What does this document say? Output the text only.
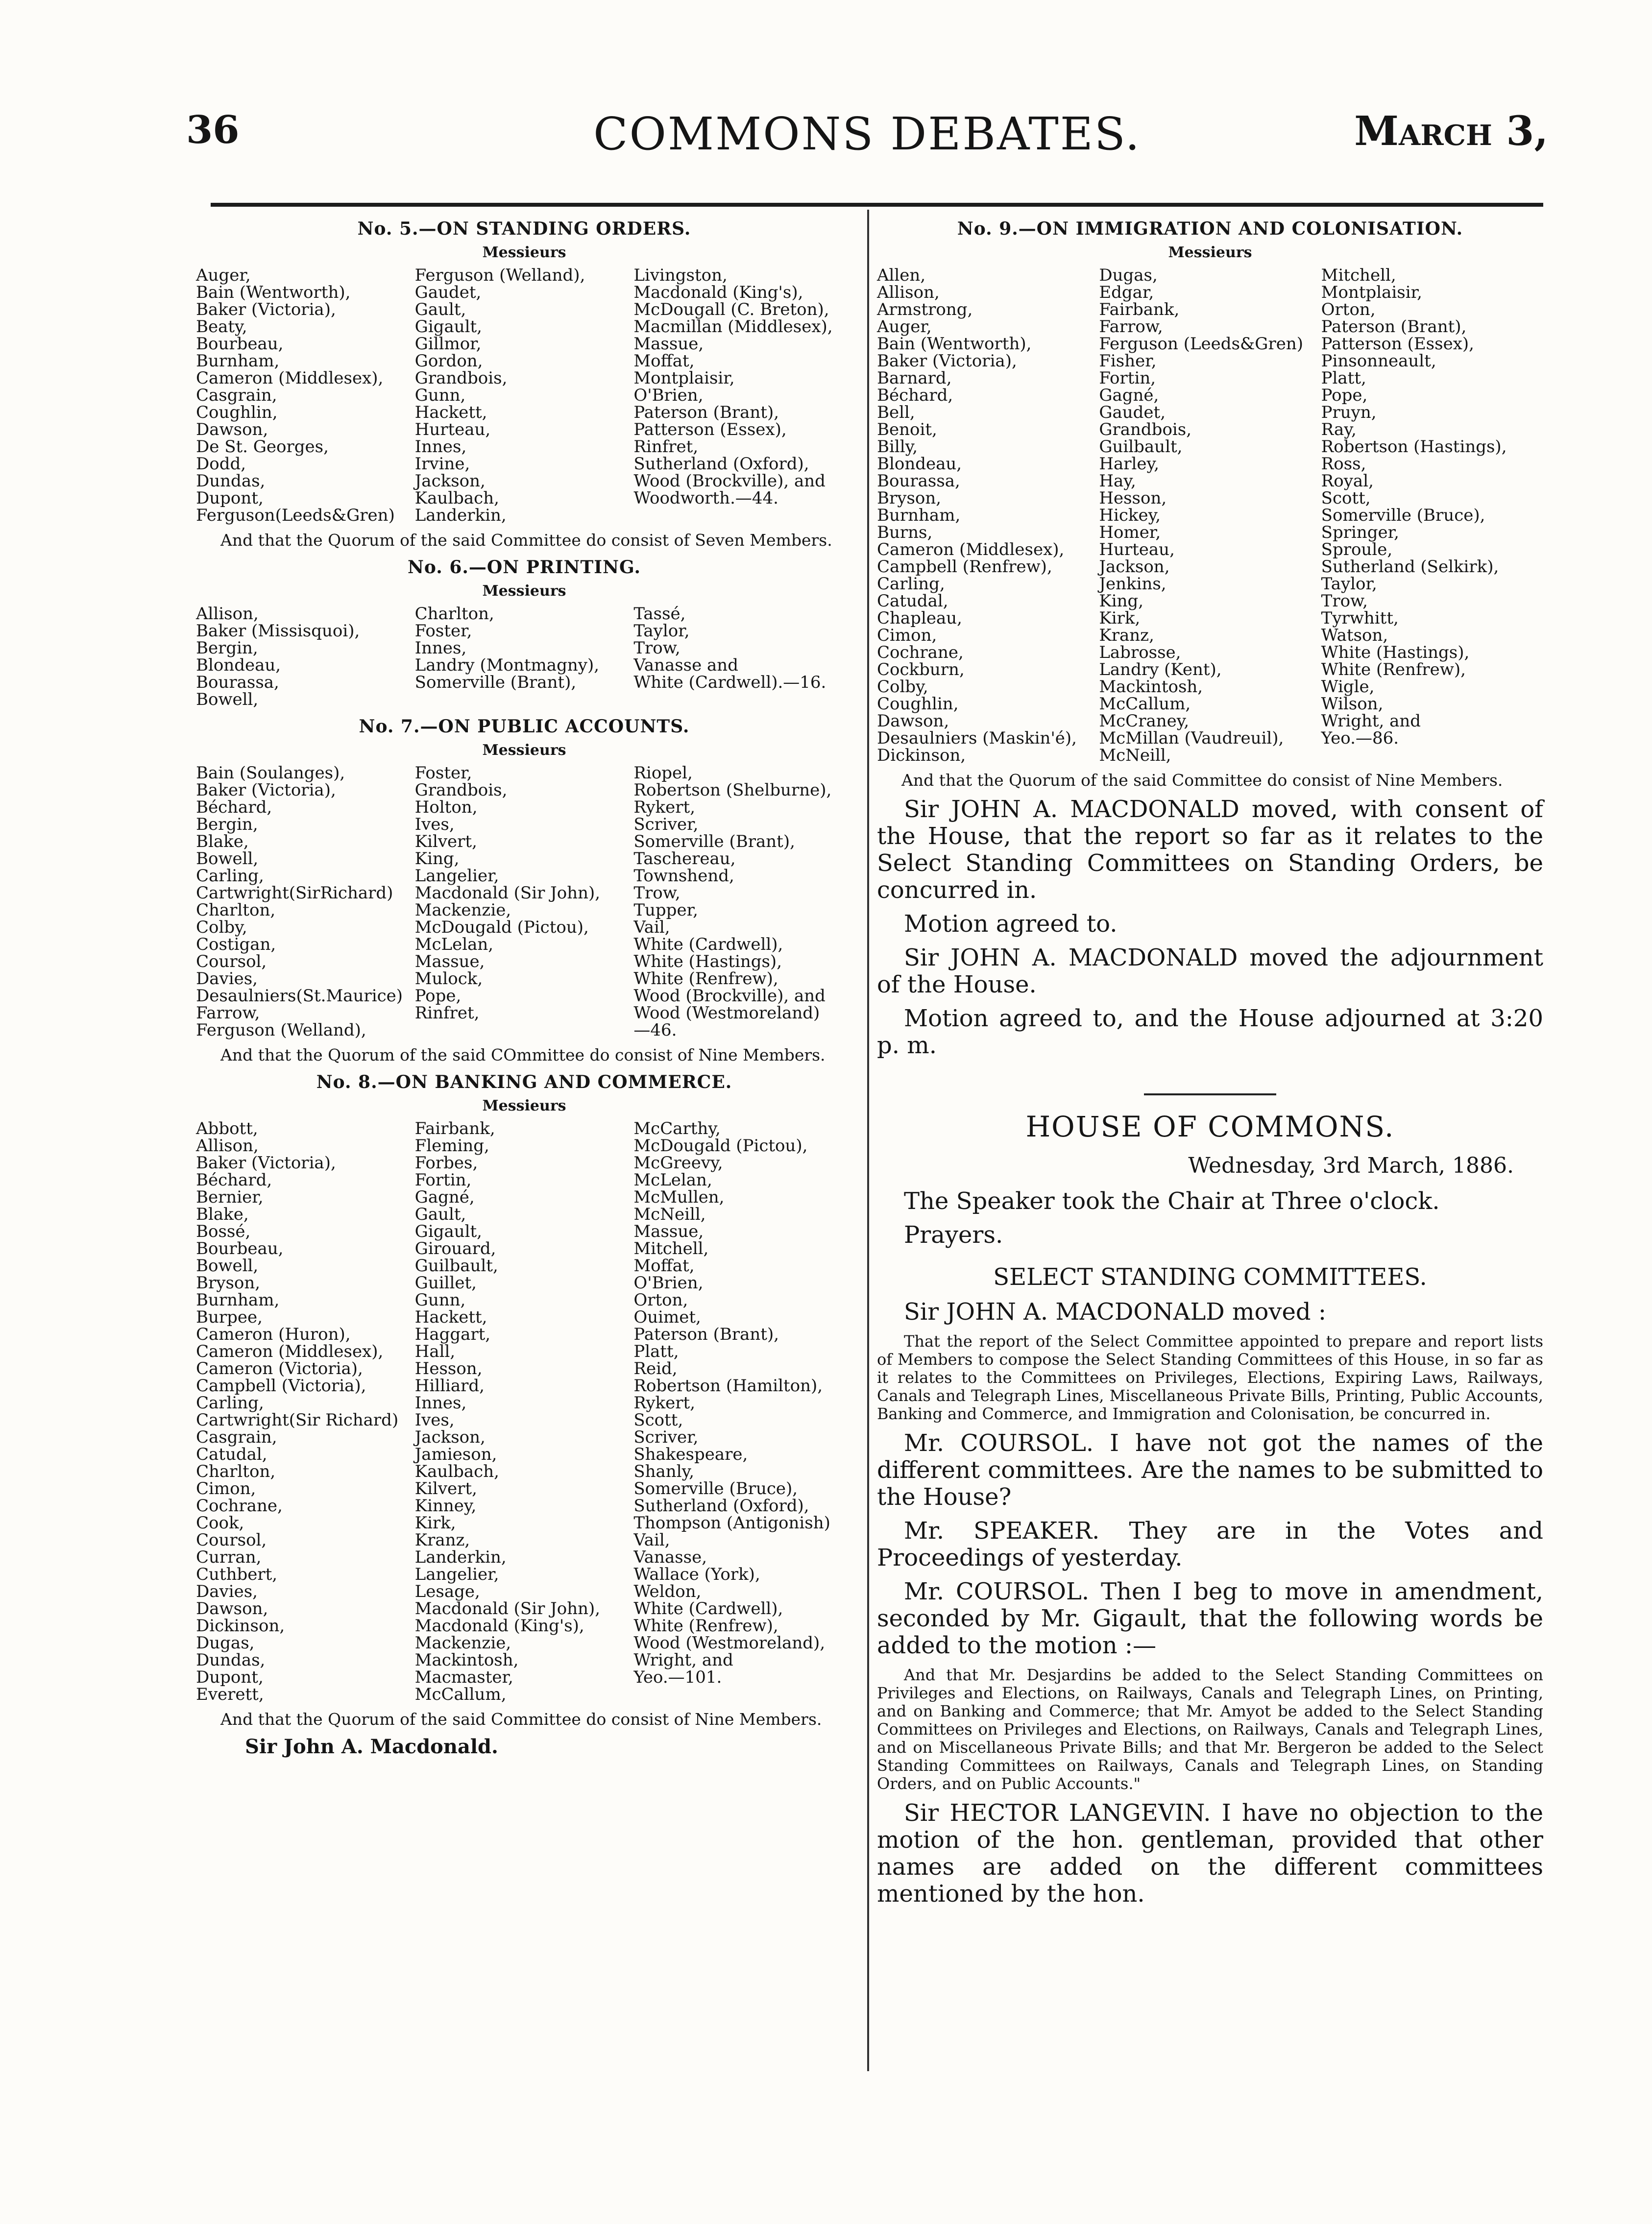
36	COMMONS DEBATES.	March 3,
No. 5.—ON STANDING ORDERS.
Messieurs
Auger,
Bain (Wentworth),
Baker (Victoria),
Beaty,
Bourbeau,
Burnham,
Cameron (Middlesex),
Casgrain,
Coughlin,
Dawson,
De St. Georges,
Dodd,
Dundas,
Dupont,
Ferguson(Leeds&Gren)
Ferguson (Welland),
Gaudet,
Gault,
Gigault,
Gillmor,
Gordon,
Grandbois,
Gunn,
Hackett,
Hurteau,
Innes,
Irvine,
Jackson,
Kaulbach,
Landerkin,
Livingston,
Macdonald (King's),
McDougall (C. Breton),
Macmillan (Middlesex),
Massue,
Moffat,
Montplaisir,
O'Brien,
Paterson (Brant),
Patterson (Essex),
Rinfret,
Sutherland (Oxford),
Wood (Brockville), and
Woodworth.—44.
And that the Quorum of the said Committee do consist of Seven Members.
No. 6.—ON PRINTING.
Messieurs
Allison,
Baker (Missisquoi),
Bergin,
Blondeau,
Bourassa,
Bowell,
Charlton,
Foster,
Innes,
Landry (Montmagny),
Somerville (Brant),
Tassé,
Taylor,
Trow,
Vanasse and
White (Cardwell).—16.
No. 7.—ON PUBLIC ACCOUNTS.
Messieurs
Bain (Soulanges),
Baker (Victoria),
Béchard,
Bergin,
Blake,
Bowell,
Carling,
Cartwright(SirRichard)
Charlton,
Colby,
Costigan,
Coursol,
Davies,
Desaulniers(St.Maurice)
Farrow,
Ferguson (Welland),
Foster,
Grandbois,
Holton,
Ives,
Kilvert,
King,
Langelier,
Macdonald (Sir John),
Mackenzie,
McDougald (Pictou),
McLelan,
Massue,
Mulock,
Pope,
Rinfret,
Riopel,
Robertson (Shelburne),
Rykert,
Scriver,
Somerville (Brant),
Taschereau,
Townshend,
Trow,
Tupper,
Vail,
White (Cardwell),
White (Hastings),
White (Renfrew),
Wood (Brockville), and
Wood (Westmoreland)
—46.
And that the Quorum of the said COmmittee do consist of Nine Members.
No. 8.—ON BANKING AND COMMERCE.
Messieurs
Abbott,
Allison,
Baker (Victoria),
Béchard,
Bernier,
Blake,
Bossé,
Bourbeau,
Bowell,
Bryson,
Burnham,
Burpee,
Cameron (Huron),
Cameron (Middlesex),
Cameron (Victoria),
Campbell (Victoria),
Carling,
Cartwright(Sir Richard)
Casgrain,
Catudal,
Charlton,
Cimon,
Cochrane,
Cook,
Coursol,
Curran,
Cuthbert,
Davies,
Dawson,
Dickinson,
Dugas,
Dundas,
Dupont,
Everett,
Fairbank,
Fleming,
Forbes,
Fortin,
Gagné,
Gault,
Gigault,
Girouard,
Guilbault,
Guillet,
Gunn,
Hackett,
Haggart,
Hall,
Hesson,
Hilliard,
Innes,
Ives,
Jackson,
Jamieson,
Kaulbach,
Kilvert,
Kinney,
Kirk,
Kranz,
Landerkin,
Langelier,
Lesage,
Macdonald (Sir John),
Macdonald (King's),
Mackenzie,
Mackintosh,
Macmaster,
McCallum,
McCarthy,
McDougald (Pictou),
McGreevy,
McLelan,
McMullen,
McNeill,
Massue,
Mitchell,
Moffat,
O'Brien,
Orton,
Ouimet,
Paterson (Brant),
Platt,
Reid,
Robertson (Hamilton),
Rykert,
Scott,
Scriver,
Shakespeare,
Shanly,
Somerville (Bruce),
Sutherland (Oxford),
Thompson (Antigonish)
Vail,
Vanasse,
Wallace (York),
Weldon,
White (Cardwell),
White (Renfrew),
Wood (Westmoreland),
Wright, and
Yeo.—101.
And that the Quorum of the said Committee do consist of Nine Members.
Sir John A. Macdonald.
No. 9.—ON IMMIGRATION AND COLONISATION.
Messieurs
Allen,
Allison,
Armstrong,
Auger,
Bain (Wentworth),
Baker (Victoria),
Barnard,
Béchard,
Bell,
Benoit,
Billy,
Blondeau,
Bourassa,
Bryson,
Burnham,
Burns,
Cameron (Middlesex),
Campbell (Renfrew),
Carling,
Catudal,
Chapleau,
Cimon,
Cochrane,
Cockburn,
Colby,
Coughlin,
Dawson,
Desaulniers (Maskin'é),
Dickinson,
Dugas,
Edgar,
Fairbank,
Farrow,
Ferguson (Leeds&Gren)
Fisher,
Fortin,
Gagné,
Gaudet,
Grandbois,
Guilbault,
Harley,
Hay,
Hesson,
Hickey,
Homer,
Hurteau,
Jackson,
Jenkins,
King,
Kirk,
Kranz,
Labrosse,
Landry (Kent),
Mackintosh,
McCallum,
McCraney,
McMillan (Vaudreuil),
McNeill,
Mitchell,
Montplaisir,
Orton,
Paterson (Brant),
Patterson (Essex),
Pinsonneault,
Platt,
Pope,
Pruyn,
Ray,
Robertson (Hastings),
Ross,
Royal,
Scott,
Somerville (Bruce),
Springer,
Sproule,
Sutherland (Selkirk),
Taylor,
Trow,
Tyrwhitt,
Watson,
White (Hastings),
White (Renfrew),
Wigle,
Wilson,
Wright, and
Yeo.—86.
And that the Quorum of the said Committee do consist of Nine Members.

Sir JOHN A. MACDONALD moved, with consent of the House, that the report so far as it relates to the Select Standing Committees on Standing Orders, be concurred in.

Motion agreed to.

Sir JOHN A. MACDONALD moved the adjournment of the House.

Motion agreed to, and the House adjourned at 3:20 p. m.

HOUSE OF COMMONS.
Wednesday, 3rd March, 1886.

The Speaker took the Chair at Three o'clock.

Prayers.

SELECT STANDING COMMITTEES.

Sir JOHN A. MACDONALD moved :

That the report of the Select Committee appointed to prepare and report lists of Members to compose the Select Standing Committees of this House, in so far as it relates to the Committees on Privileges, Elections, Expiring Laws, Railways, Canals and Telegraph Lines, Miscellaneous Private Bills, Printing, Public Accounts, Banking and Commerce, and Immigration and Colonisation, be concurred in.

Mr. COURSOL. I have not got the names of the different committees. Are the names to be submitted to the House?

Mr. SPEAKER. They are in the Votes and Proceedings of yesterday.

Mr. COURSOL. Then I beg to move in amendment, seconded by Mr. Gigault, that the following words be added to the motion :—

And that Mr. Desjardins be added to the Select Standing Committees on Privileges and Elections, on Railways, Canals and Telegraph Lines, on Printing, and on Banking and Commerce; that Mr. Amyot be added to the Select Standing Committees on Privileges and Elections, on Railways, Canals and Telegraph Lines, and on Miscellaneous Private Bills; and that Mr. Bergeron be added to the Select Standing Committees on Railways, Canals and Telegraph Lines, on Standing Orders, and on Public Accounts."

Sir HECTOR LANGEVIN. I have no objection to the motion of the hon. gentleman, provided that other names are added on the different committees mentioned by the hon.
